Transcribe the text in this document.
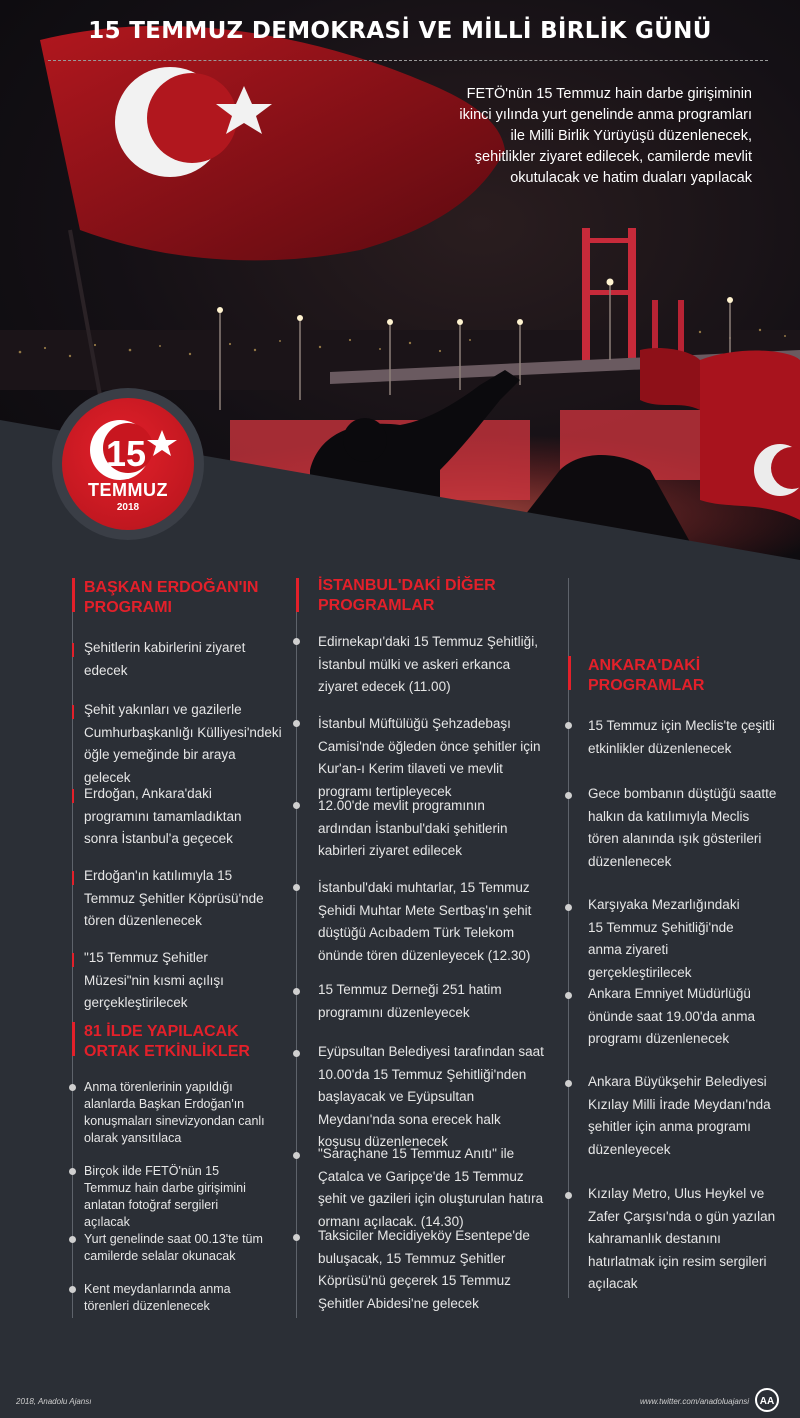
15 TEMMUZ DEMOKRASİ VE MİLLİ BİRLİK GÜNÜ
FETÖ'nün 15 Temmuz hain darbe girişiminin ikinci yılında yurt genelinde anma programları ile Milli Birlik Yürüyüşü düzenlenecek, şehitlikler ziyaret edilecek, camilerde mevlit okutulacak ve hatim duaları yapılacak
15
TEMMUZ
2018
BAŞKAN ERDOĞAN'IN
PROGRAMI
Şehitlerin kabirlerini ziyaret edecek
Şehit yakınları ve gazilerle Cumhurbaşkanlığı Külliyesi'ndeki öğle yemeğinde bir araya gelecek
Erdoğan, Ankara'daki programını tamamladıktan sonra İstanbul'a geçecek
Erdoğan'ın katılımıyla 15 Temmuz Şehitler Köprüsü'nde tören düzenlenecek
"15 Temmuz Şehitler Müzesi"nin kısmi açılışı gerçekleştirilecek
81 İLDE YAPILACAK
ORTAK ETKİNLİKLER
Anma törenlerinin yapıldığı alanlarda Başkan Erdoğan'ın konuşmaları sinevizyondan canlı olarak yansıtılaca
Birçok ilde FETÖ'nün 15 Temmuz hain darbe girişimini anlatan fotoğraf sergileri açılacak
Yurt genelinde saat 00.13'te tüm camilerde selalar okunacak
Kent meydanlarında anma törenleri düzenlenecek
İSTANBUL'DAKİ DİĞER
PROGRAMLAR
Edirnekapı'daki 15 Temmuz Şehitliği, İstanbul mülki ve askeri erkanca ziyaret edecek (11.00)
İstanbul Müftülüğü Şehzadebaşı Camisi'nde öğleden önce şehitler için Kur'an-ı Kerim tilaveti ve mevlit programı tertipleyecek
12.00'de mevlit programının ardından İstanbul'daki şehitlerin kabirleri ziyaret edilecek
İstanbul'daki muhtarlar, 15 Temmuz Şehidi Muhtar Mete Sertbaş'ın şehit düştüğü Acıbadem Türk Telekom önünde tören düzenleyecek (12.30)
15 Temmuz Derneği 251 hatim programını düzenleyecek
Eyüpsultan Belediyesi tarafından saat 10.00'da 15 Temmuz Şehitliği'nden başlayacak ve Eyüpsultan Meydanı'nda sona erecek halk koşusu düzenlenecek
"Saraçhane 15 Temmuz Anıtı" ile Çatalca ve Garipçe'de 15 Temmuz şehit ve gazileri için oluşturulan hatıra ormanı açılacak. (14.30)
Taksiciler Mecidiyeköy Esentepe'de buluşacak, 15 Temmuz Şehitler Köprüsü'nü geçerek 15 Temmuz Şehitler Abidesi'ne gelecek
ANKARA'DAKİ
PROGRAMLAR
15 Temmuz için Meclis'te çeşitli etkinlikler düzenlenecek
Gece bombanın düştüğü saatte halkın da katılımıyla Meclis tören alanında ışık gösterileri düzenlenecek
Karşıyaka Mezarlığındaki 15 Temmuz Şehitliği'nde anma ziyareti gerçekleştirilecek
Ankara Emniyet Müdürlüğü önünde saat 19.00'da anma programı düzenlenecek
Ankara Büyükşehir Belediyesi Kızılay Milli İrade Meydanı'nda şehitler için anma programı düzenleyecek
Kızılay Metro, Ulus Heykel ve Zafer Çarşısı'nda o gün yazılan kahramanlık destanını hatırlatmak için resim sergileri açılacak
2018, Anadolu Ajansı	www.twitter.com/anadoluajansi AA
